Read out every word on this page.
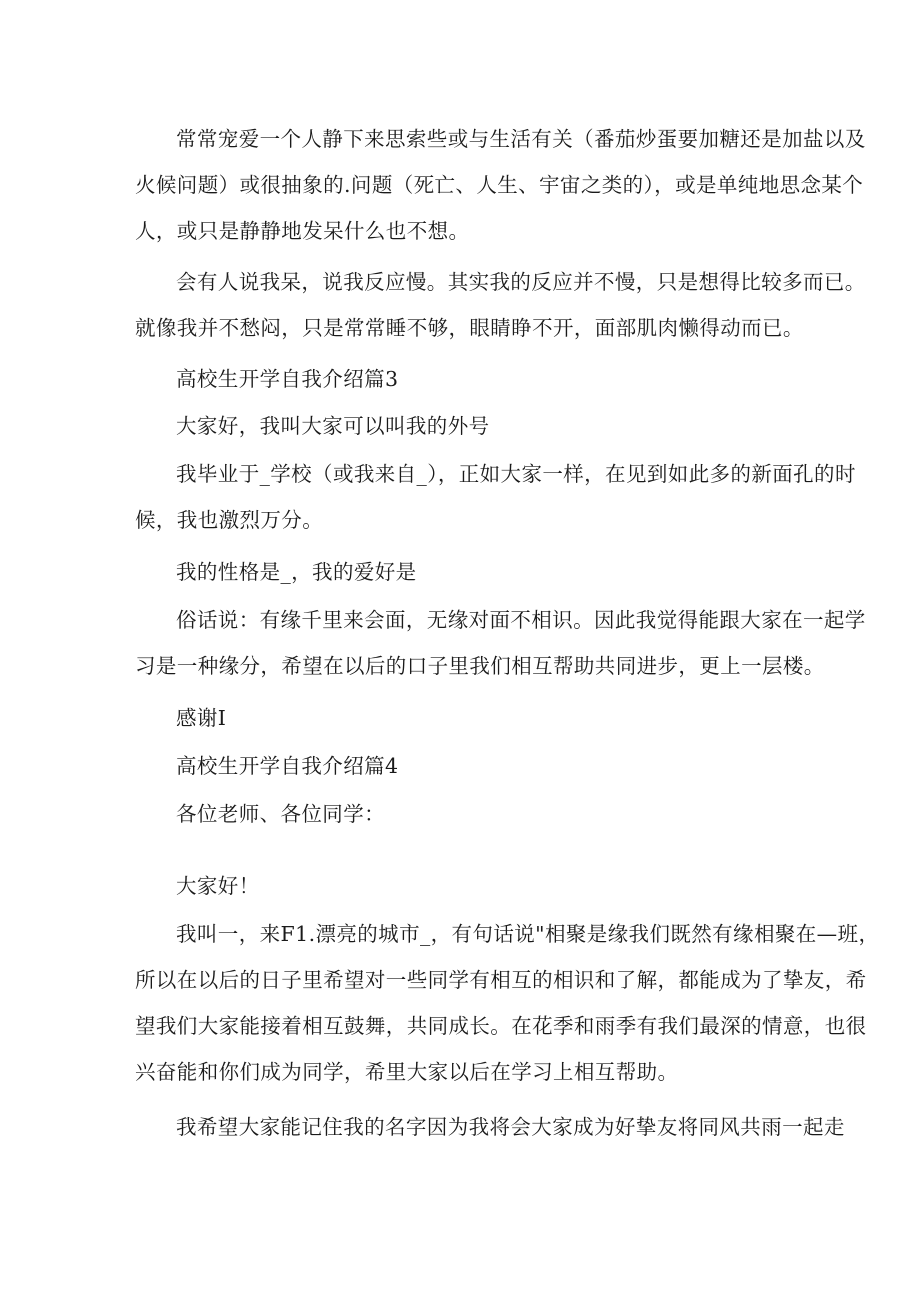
常常宠爱一个人静下来思索些或与生活有关（番茄炒蛋要加糖还是加盐以及
火候问题）或很抽象的.问题（死亡、人生、宇宙之类的），或是单纯地思念某个
人，或只是静静地发呆什么也不想。

会有人说我呆，说我反应慢。其实我的反应并不慢，只是想得比较多而已。
就像我并不愁闷，只是常常睡不够，眼睛睁不开，面部肌肉懒得动而已。

高校生开学自我介绍篇3

大家好，我叫大家可以叫我的外号

我毕业于_学校（或我来自_），正如大家一样，在见到如此多的新面孔的时
候，我也激烈万分。

我的性格是_，我的爱好是

俗话说：有缘千里来会面，无缘对面不相识。因此我觉得能跟大家在一起学
习是一种缘分，希望在以后的口子里我们相互帮助共同进步，更上一层楼。

感谢I

高校生开学自我介绍篇4

各位老师、各位同学：

大家好！

我叫一，来F1.漂亮的城市_，有句话说"相聚是缘我们既然有缘相聚在—班，
所以在以后的日子里希望对一些同学有相互的相识和了解，都能成为了挚友，希
望我们大家能接着相互鼓舞，共同成长。在花季和雨季有我们最深的情意，也很
兴奋能和你们成为同学，希里大家以后在学习上相互帮助。

我希望大家能记住我的名字因为我将会大家成为好挚友将同风共雨一起走
